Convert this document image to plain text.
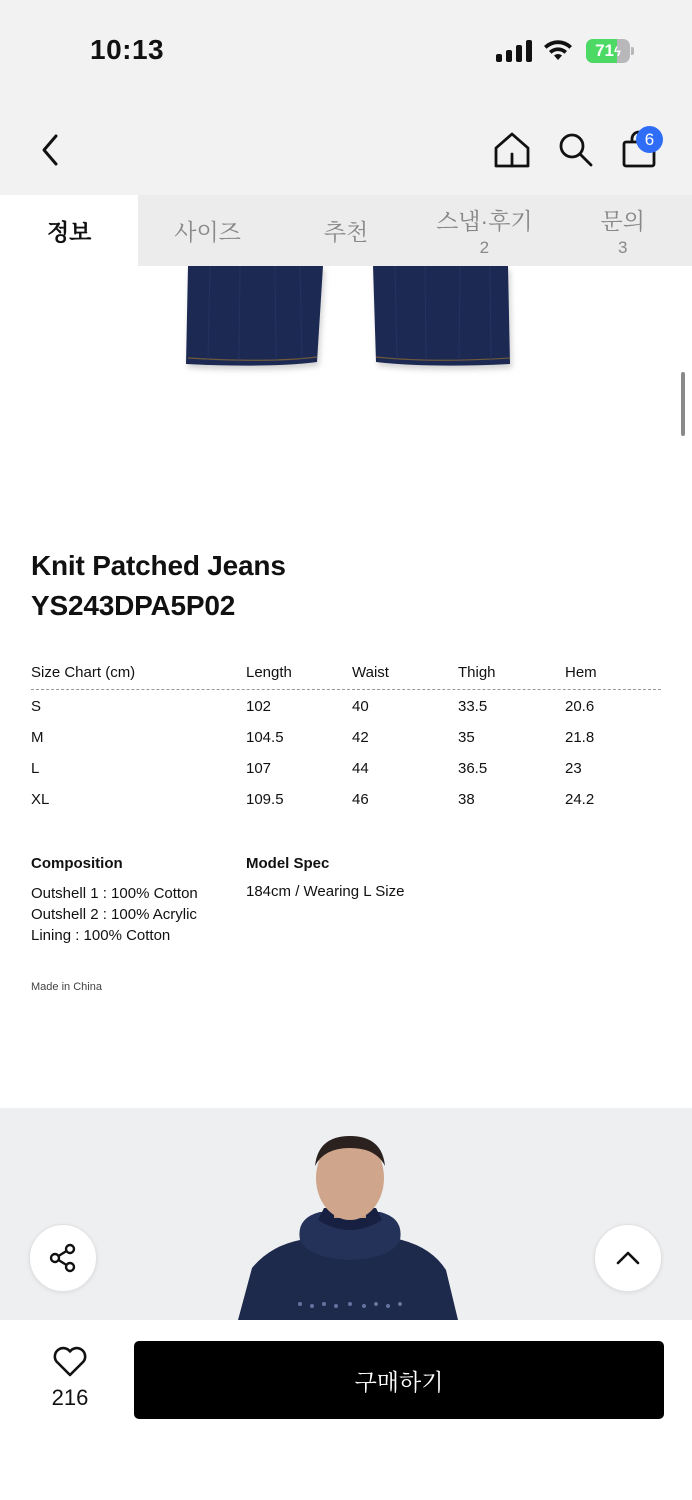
10:13	71ϟ
6
정보	사이즈	추천	스냅·후기
2
문의
3
Knit Patched Jeans
YS243DPA5P02
Size Chart (cm)	Length	Waist	Thigh	Hem
S	102	40	33.5	20.6
M	104.5	42	35	21.8
L	107	44	36.5	23
XL	109.5	46	38	24.2
Composition
Outshell 1 : 100% Cotton
Outshell 2 : 100% Acrylic
Lining : 100% Cotton
Model Spec
184cm / Wearing L Size
Made in China
216
구매하기
